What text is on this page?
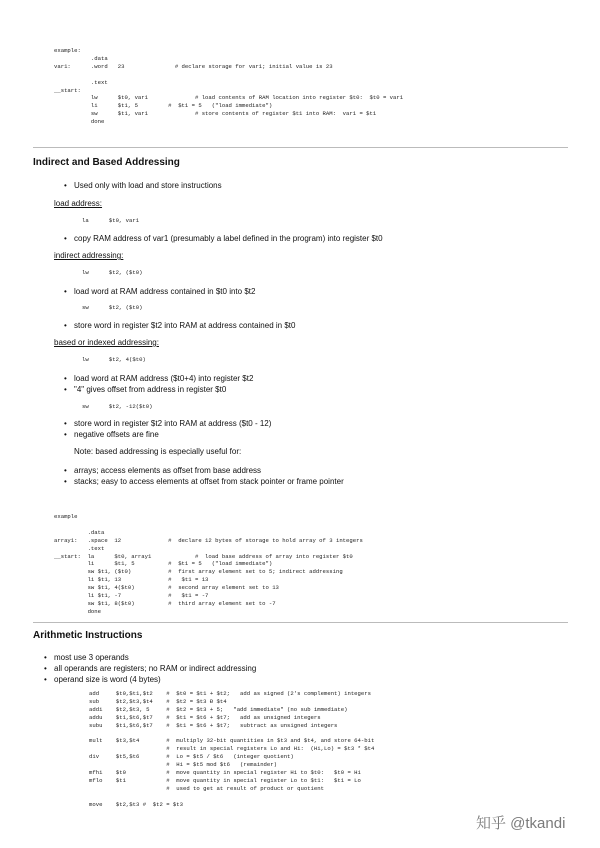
example:
.data
var1:      .word   23               # declare storage for var1; initial value is 23

.text
__start:
lw      $t0, var1              # load contents of RAM location into register $t0:  $t0 = var1
li      $t1, 5         #  $t1 = 5   ("load immediate")
sw      $t1, var1              # store contents of register $t1 into RAM:  var1 = $t1
done
Indirect and Based Addressing
• Used only with load and store instructions

load address:

la      $t0, var1
• copy RAM address of var1 (presumably a label defined in the program) into register $t0

indirect addressing:

lw      $t2, ($t0)
• load word at RAM address contained in $t0 into $t2
sw      $t2, ($t0)
• store word in register $t2 into RAM at address contained in $t0

based or indexed addressing:

lw      $t2, 4($t0)
• load word at RAM address ($t0+4) into register $t2
• "4" gives offset from address in register $t0
sw      $t2, -12($t0)
• store word in register $t2 into RAM at address ($t0 - 12)
• negative offsets are fine

Note: based addressing is especially useful for:

• arrays; access elements as offset from base address
• stacks; easy to access elements at offset from stack pointer or frame pointer
example

.data
array1:   .space  12              #  declare 12 bytes of storage to hold array of 3 integers
.text
__start:  la      $t0, array1             #  load base address of array into register $t0
li      $t1, 5          #  $t1 = 5   ("load immediate")
sw $t1, ($t0)           #  first array element set to 5; indirect addressing
li $t1, 13              #   $t1 = 13
sw $t1, 4($t0)          #  second array element set to 13
li $t1, -7              #   $t1 = -7
sw $t1, 8($t0)          #  third array element set to -7
done
Arithmetic Instructions
• most use 3 operands
• all operands are registers; no RAM or indirect addressing
• operand size is word (4 bytes)
add     $t0,$t1,$t2    #  $t0 = $t1 + $t2;   add as signed (2's complement) integers
sub     $t2,$t3,$t4    #  $t2 = $t3 Ð $t4
addi    $t2,$t3, 5     #  $t2 = $t3 + 5;   "add immediate" (no sub immediate)
addu    $t1,$t6,$t7    #  $t1 = $t6 + $t7;   add as unsigned integers
subu    $t1,$t6,$t7    #  $t1 = $t6 + $t7;   subtract as unsigned integers

mult    $t3,$t4        #  multiply 32-bit quantities in $t3 and $t4, and store 64-bit
#  result in special registers Lo and Hi:  (Hi,Lo) = $t3 * $t4
div     $t5,$t6        #  Lo = $t5 / $t6   (integer quotient)
#  Hi = $t5 mod $t6   (remainder)
mfhi    $t0            #  move quantity in special register Hi to $t0:   $t0 = Hi
mflo    $t1            #  move quantity in special register Lo to $t1:   $t1 = Lo
#  used to get at result of product or quotient

move    $t2,$t3 #  $t2 = $t3
知乎 @tkandi
